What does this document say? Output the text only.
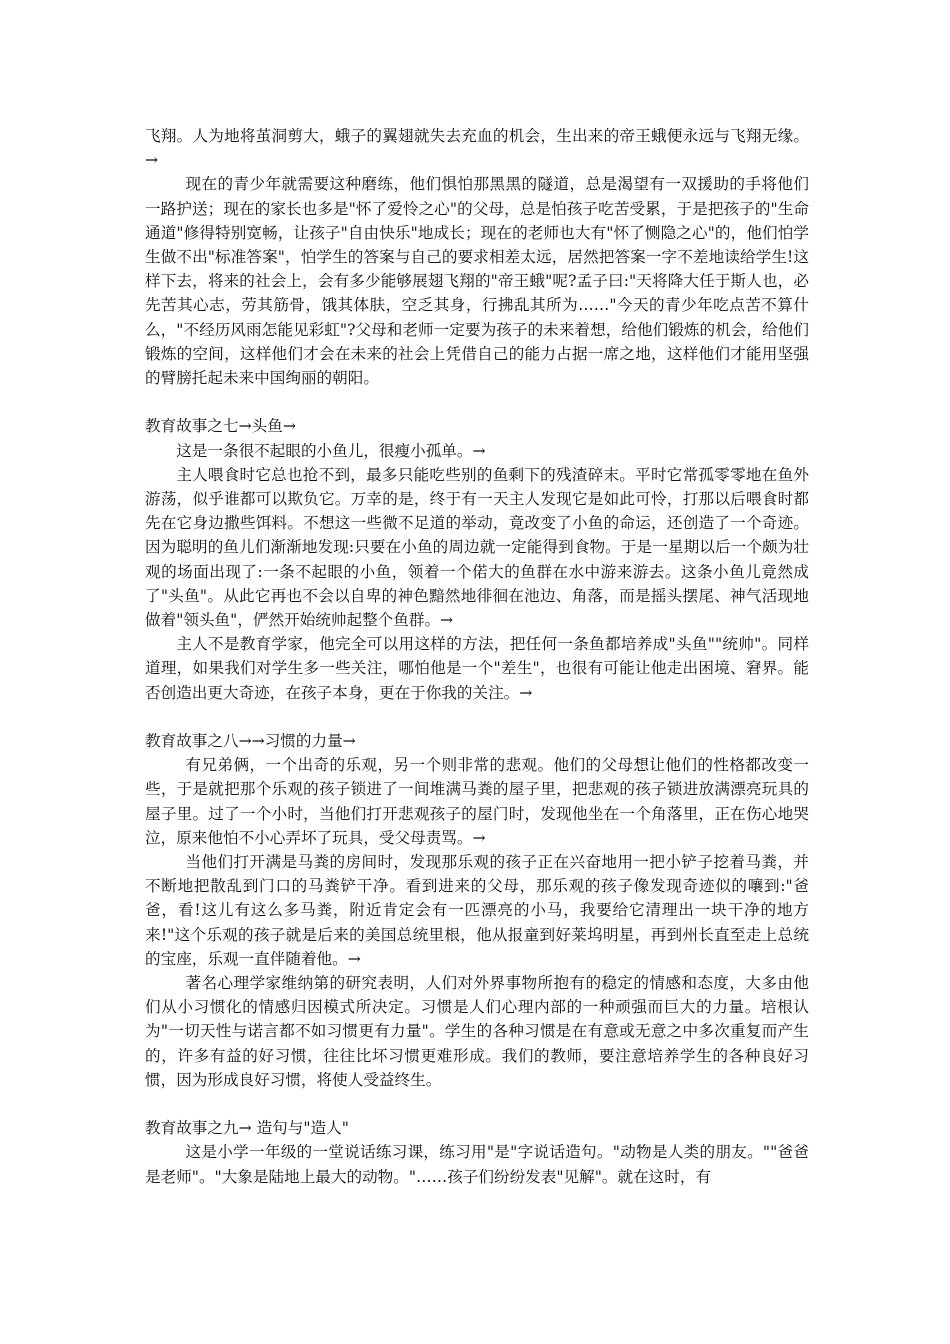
飞翔。人为地将茧洞剪大，蛾子的翼翅就失去充血的机会，生出来的帝王蛾便永远与飞翔无缘。→

现在的青少年就需要这种磨练，他们惧怕那黑黑的隧道，总是渴望有一双援助的手将他们一路护送；现在的家长也多是"怀了爱怜之心"的父母，总是怕孩子吃苦受累，于是把孩子的"生命通道"修得特别宽畅，让孩子"自由快乐"地成长；现在的老师也大有"怀了恻隐之心"的，他们怕学生做不出"标准答案"，怕学生的答案与自己的要求相差太远，居然把答案一字不差地读给学生!这样下去，将来的社会上，会有多少能够展翅飞翔的"帝王蛾"呢?孟子曰:"天将降大任于斯人也，必先苦其心志，劳其筋骨，饿其体肤，空乏其身，行拂乱其所为……"今天的青少年吃点苦不算什么，"不经历风雨怎能见彩虹"?父母和老师一定要为孩子的未来着想，给他们锻炼的机会，给他们锻炼的空间，这样他们才会在未来的社会上凭借自己的能力占据一席之地，这样他们才能用坚强的臂膀托起未来中国绚丽的朝阳。

教育故事之七→头鱼→

这是一条很不起眼的小鱼儿，很瘦小孤单。→

主人喂食时它总也抢不到，最多只能吃些别的鱼剩下的残渣碎末。平时它常孤零零地在鱼外游荡，似乎谁都可以欺负它。万幸的是，终于有一天主人发现它是如此可怜，打那以后喂食时都先在它身边撒些饵料。不想这一些微不足道的举动，竟改变了小鱼的命运，还创造了一个奇迹。因为聪明的鱼儿们渐渐地发现:只要在小鱼的周边就一定能得到食物。于是一星期以后一个颇为壮观的场面出现了:一条不起眼的小鱼，领着一个偌大的鱼群在水中游来游去。这条小鱼儿竟然成了"头鱼"。从此它再也不会以自卑的神色黯然地徘徊在池边、角落，而是摇头摆尾、神气活现地做着"领头鱼"，俨然开始统帅起整个鱼群。→

主人不是教育学家，他完全可以用这样的方法，把任何一条鱼都培养成"头鱼""统帅"。同样道理，如果我们对学生多一些关注，哪怕他是一个"差生"，也很有可能让他走出困境、窘界。能否创造出更大奇迹，在孩子本身，更在于你我的关注。→

教育故事之八→→习惯的力量→

有兄弟俩，一个出奇的乐观，另一个则非常的悲观。他们的父母想让他们的性格都改变一些，于是就把那个乐观的孩子锁进了一间堆满马粪的屋子里，把悲观的孩子锁进放满漂亮玩具的屋子里。过了一个小时，当他们打开悲观孩子的屋门时，发现他坐在一个角落里，正在伤心地哭泣，原来他怕不小心弄坏了玩具，受父母责骂。→

当他们打开满是马粪的房间时，发现那乐观的孩子正在兴奋地用一把小铲子挖着马粪，并不断地把散乱到门口的马粪铲干净。看到进来的父母，那乐观的孩子像发现奇迹似的嚷到:"爸爸，看!这儿有这么多马粪，附近肯定会有一匹漂亮的小马，我要给它清理出一块干净的地方来!"这个乐观的孩子就是后来的美国总统里根，他从报童到好莱坞明星，再到州长直至走上总统的宝座，乐观一直伴随着他。→

著名心理学家维纳第的研究表明，人们对外界事物所抱有的稳定的情感和态度，大多由他们从小习惯化的情感归因模式所决定。习惯是人们心理内部的一种顽强而巨大的力量。培根认为"一切天性与诺言都不如习惯更有力量"。学生的各种习惯是在有意或无意之中多次重复而产生的，许多有益的好习惯，往往比坏习惯更难形成。我们的教师，要注意培养学生的各种良好习惯，因为形成良好习惯，将使人受益终生。

教育故事之九→ 造句与"造人"

这是小学一年级的一堂说话练习课，练习用"是"字说话造句。"动物是人类的朋友。""爸爸是老师"。"大象是陆地上最大的动物。"……孩子们纷纷发表"见解"。就在这时，有
